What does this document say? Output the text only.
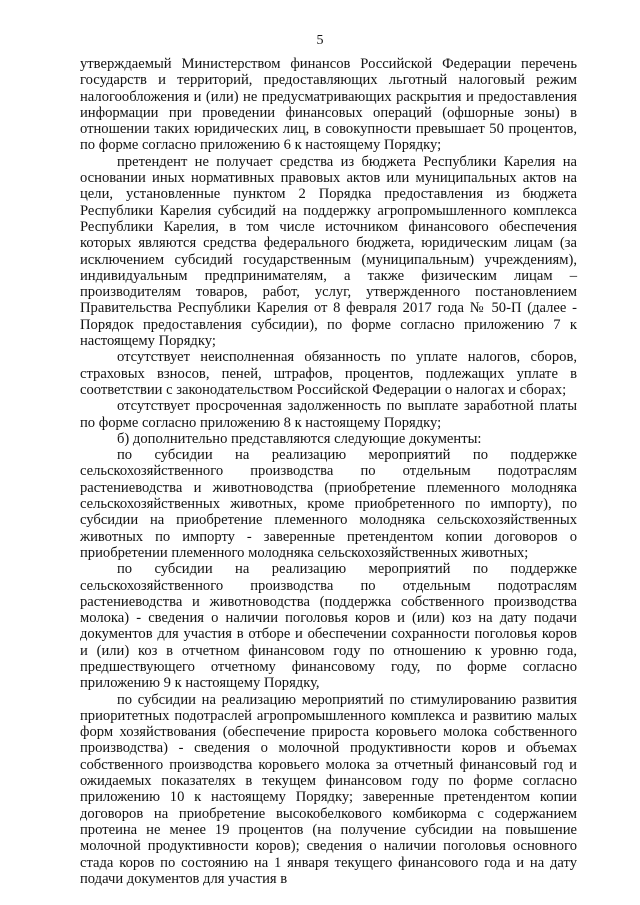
5

утверждаемый Министерством финансов Российской Федерации перечень государств и территорий, предоставляющих льготный налоговый режим налогообложения и (или) не предусматривающих раскрытия и предоставления информации при проведении финансовых операций (офшорные зоны) в отношении таких юридических лиц, в совокупности превышает 50 процентов, по форме согласно приложению 6 к настоящему Порядку;

претендент не получает средства из бюджета Республики Карелия на основании иных нормативных правовых актов или муниципальных актов на цели, установленные пунктом 2 Порядка предоставления из бюджета Республики Карелия субсидий на поддержку агропромышленного комплекса Республики Карелия, в том числе источником финансового обеспечения которых являются средства федерального бюджета, юридическим лицам (за исключением субсидий государственным (муниципальным) учреждениям), индивидуальным предпринимателям, а также физическим лицам – производителям товаров, работ, услуг, утвержденного постановлением Правительства Республики Карелия от 8 февраля 2017 года № 50-П (далее - Порядок предоставления субсидии), по форме согласно приложению 7 к настоящему Порядку;

отсутствует неисполненная обязанность по уплате налогов, сборов, страховых взносов, пеней, штрафов, процентов, подлежащих уплате в соответствии с законодательством Российской Федерации о налогах и сборах;

отсутствует просроченная задолженность по выплате заработной платы по форме согласно приложению 8 к настоящему Порядку;

б) дополнительно представляются следующие документы:

по субсидии на реализацию мероприятий по поддержке сельскохозяйственного производства по отдельным подотраслям растениеводства и животноводства (приобретение племенного молодняка сельскохозяйственных животных, кроме приобретенного по импорту), по субсидии на приобретение племенного молодняка сельскохозяйственных животных по импорту - заверенные претендентом копии договоров о приобретении племенного молодняка сельскохозяйственных животных;

по субсидии на реализацию мероприятий по поддержке сельскохозяйственного производства по отдельным подотраслям растениеводства и животноводства (поддержка собственного производства молока) - сведения о наличии поголовья коров и (или) коз на дату подачи документов для участия в отборе и обеспечении сохранности поголовья коров и (или) коз в отчетном финансовом году по отношению к уровню года, предшествующего отчетному финансовому году, по форме согласно приложению 9 к настоящему Порядку,

по субсидии на реализацию мероприятий по стимулированию развития приоритетных подотраслей агропромышленного комплекса и развитию малых форм хозяйствования (обеспечение прироста коровьего молока собственного производства) - сведения о молочной продуктивности коров и объемах собственного производства коровьего молока за отчетный финансовый год и ожидаемых показателях в текущем финансовом году по форме согласно приложению 10 к настоящему Порядку; заверенные претендентом копии договоров на приобретение высокобелкового комбикорма с содержанием протеина не менее 19 процентов (на получение субсидии на повышение молочной продуктивности коров); сведения о наличии поголовья основного стада коров по состоянию на 1 января текущего финансового года и на дату подачи документов для участия в
